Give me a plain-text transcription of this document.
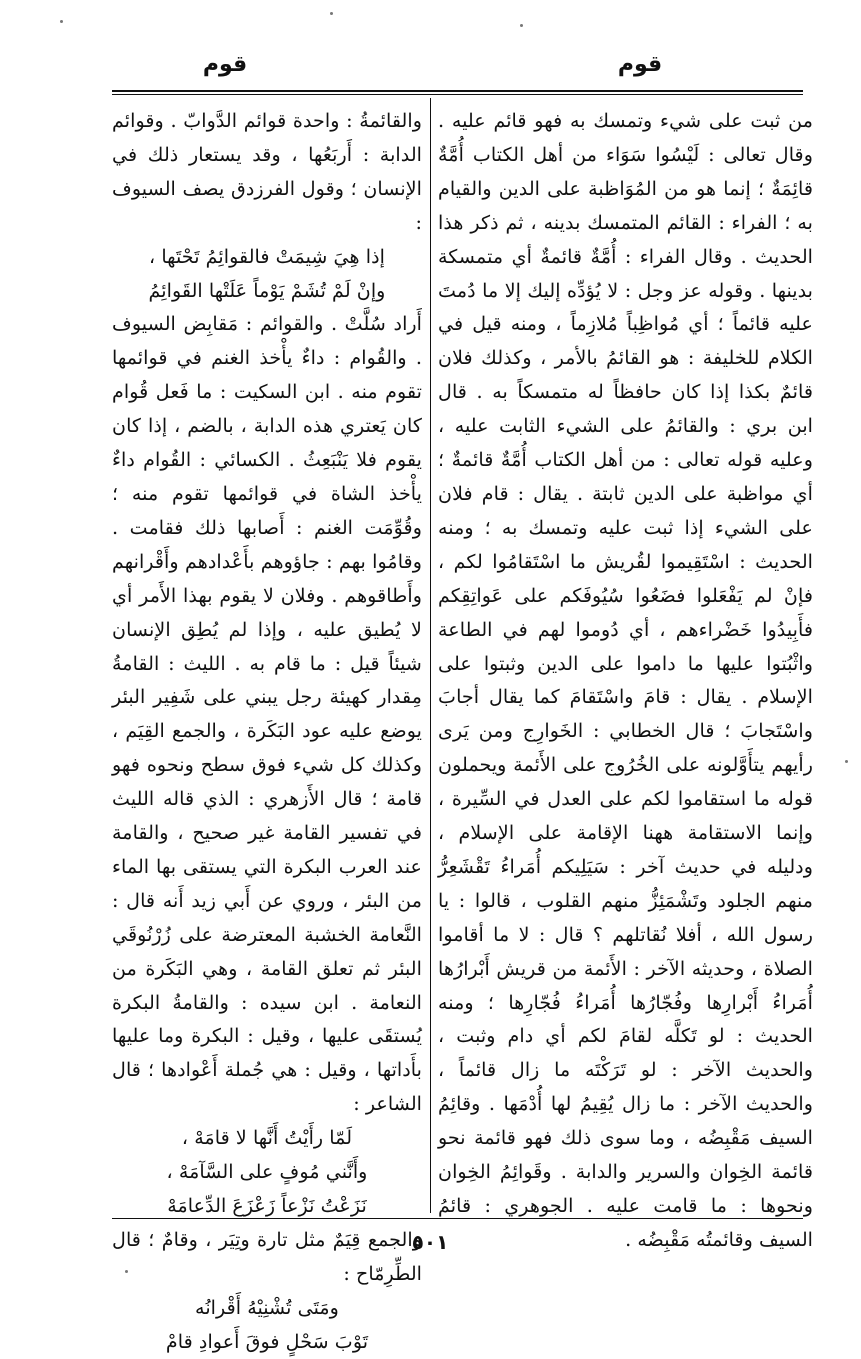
قوم	قوم

من ثبت على شيء وتمسك به فهو قائم عليه . وقال تعالى : لَيْسُوا سَوَاء من أهل الكتاب أُمَّةٌ قائِمَةٌ ؛ إنما هو من المُوَاظبة على الدين والقيام به ؛ الفراء : القائم المتمسك بدينه ، ثم ذكر هذا الحديث . وقال الفراء : أُمَّةٌ قائمةٌ أي متمسكة بدينها . وقوله عز وجل : لا يُؤدِّه إليك إلا ما دُمتَ عليه قائماً ؛ أي مُواظِباً مُلازِماً ، ومنه قيل في الكلام للخليفة : هو القائمُ بالأمر ، وكذلك فلان قائمٌ بكذا إذا كان حافظاً له متمسكاً به . قال ابن بري : والقائمُ على الشيء الثابت عليه ، وعليه قوله تعالى : من أهل الكتاب أُمَّةٌ قائمةٌ ؛ أي مواظبة على الدين ثابتة . يقال : قام فلان على الشيء إذا ثبت عليه وتمسك به ؛ ومنه الحديث : اسْتَقِيموا لقُريش ما اسْتَقامُوا لكم ، فإنْ لم يَفْعَلوا فضَعُوا سُيُوفَكم على عَواتِقِكم فأَبِيدُوا خَضْراءهم ، أي دُوموا لهم في الطاعة واثْبُتوا عليها ما داموا على الدين وثبتوا على الإسلام . يقال : قامَ واسْتَقامَ كما يقال أجابَ واسْتَجابَ ؛ قال الخطابي : الخَوارِج ومن يَرى رأيهم يتأَوَّلونه على الخُرُوج على الأَئمة ويحملون قوله ما استقاموا لكم على العدل في السِّيرة ، وإنما الاستقامة ههنا الإقامة على الإسلام ، ودليله في حديث آخر : سَيَلِيكم أُمَراءُ تَقْشَعِرُّ منهم الجلود وتَشْمَئِزُّ منهم القلوب ، قالوا : يا رسول الله ، أفلا نُقاتلهم ؟ قال : لا ما أقاموا الصلاة ، وحديثه الآخر : الأَئمة من قريش أَبْرارُها أُمَراءُ أَبْرارِها وفُجّارُها أُمَراءُ فُجّارِها ؛ ومنه الحديث : لو تَكلَّه لقامَ لكم أي دام وثبت ، والحديث الآخر : لو تَرَكْتَه ما زال قائماً ، والحديث الآخر : ما زال يُقِيمُ لها أُدْمَها . وقائِمُ السيف مَقْبِضُه ، وما سوى ذلك فهو قائمة نحو قائمة الخِوان والسرير والدابة . وقَوائِمُ الخِوان ونحوها : ما قامت عليه . الجوهري : قائمُ السيف وقائمتُه مَقْبِضُه .

والقائمةُ : واحدة قوائم الدَّوابّ . وقوائم الدابة : أَربَعُها ، وقد يستعار ذلك في الإنسان ؛ وقول الفرزدق يصف السيوف :

إذا هِيَ شِيمَتْ فالقوائِمُ تَحْتَها ،

وإنْ لَمْ تُشَمْ يَوْماً عَلَتْها القَوائِمُ

أَراد سُلَّتْ . والقوائم : مَقابِض السيوف . والقُوام : داءٌ يأْخذ الغنم في قوائمها تقوم منه . ابن السكيت : ما فَعل قُوام كان يَعتري هذه الدابة ، بالضم ، إذا كان يقوم فلا يَنْبَعِثُ . الكسائي : القُوام داءٌ يأْخذ الشاة في قوائمها تقوم منه ؛ وقُوِّمَت الغنم : أَصابها ذلك فقامت . وقامُوا بهم : جاؤوهم بأَعْدادهم وأَقْرانهم وأَطاقوهم . وفلان لا يقوم بهذا الأَمر أي لا يُطيق عليه ، وإذا لم يُطِق الإنسان شيئاً قيل : ما قام به . الليث : القامةُ مِقدار كهيئة رجل يبني على شَفِير البئر يوضع عليه عود البَكَرة ، والجمع القِيَم ، وكذلك كل شيء فوق سطح ونحوه فهو قامة ؛ قال الأَزهري : الذي قاله الليث في تفسير القامة غير صحيح ، والقامة عند العرب البكرة التي يستقى بها الماء من البئر ، وروي عن أَبي زيد أَنه قال : النَّعامة الخشبة المعترضة على زُرْنُوقَي البئر ثم تعلق القامة ، وهي البَكَرة من النعامة . ابن سيده : والقامةُ البكرة يُستقَى عليها ، وقيل : البكرة وما عليها بأَداتها ، وقيل : هي جُملة أَعْوادها ؛ قال الشاعر :

لَمّا رأَيْتُ أَنَّها لا قامَهْ ،

وأَنَّني مُوفٍ على السَّآمَهْ ،

نَزَعْتُ نَزْعاً زَعْزَعَ الدِّعامَهْ

والجمع قِيَمٌ مثل تارة وتِيَر ، وقامٌ ؛ قال الطِّرِمّاح :

ومَتَى تُشْنِيْهُ أَقْرانُه

تَوْبَ سَحْلٍ فوقَ أَعوادِ قامْ

٥٠١
